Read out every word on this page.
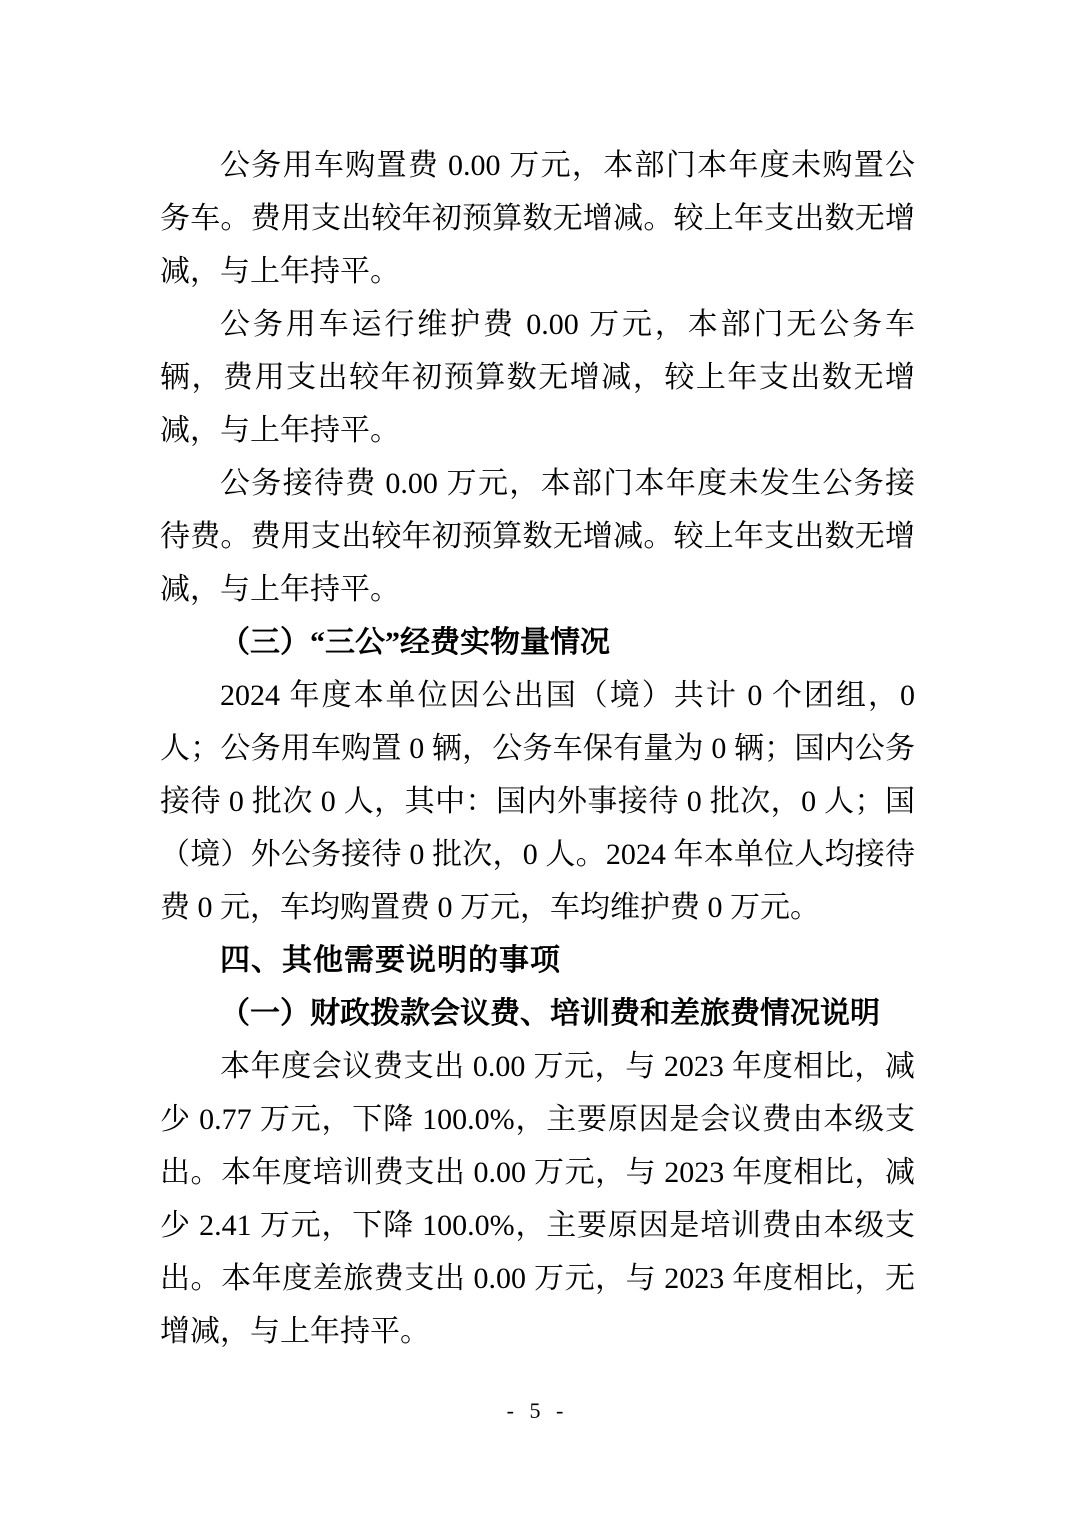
公务用车购置费 0.00 万元，本部门本年度未购置公务车。费用支出较年初预算数无增减。较上年支出数无增减，与上年持平。

公务用车运行维护费 0.00 万元，本部门无公务车辆，费用支出较年初预算数无增减，较上年支出数无增减，与上年持平。

公务接待费 0.00 万元，本部门本年度未发生公务接待费。费用支出较年初预算数无增减。较上年支出数无增减，与上年持平。

（三）“三公”经费实物量情况

2024 年度本单位因公出国（境）共计 0 个团组，0 人；公务用车购置 0 辆，公务车保有量为 0 辆；国内公务接待 0 批次 0 人，其中：国内外事接待 0 批次，0 人；国（境）外公务接待 0 批次，0 人。2024 年本单位人均接待费 0 元，车均购置费 0 万元，车均维护费 0 万元。

四、其他需要说明的事项

（一）财政拨款会议费、培训费和差旅费情况说明

本年度会议费支出 0.00 万元，与 2023 年度相比，减少 0.77 万元，下降 100.0%，主要原因是会议费由本级支出。本年度培训费支出 0.00 万元，与 2023 年度相比，减少 2.41 万元，下降 100.0%，主要原因是培训费由本级支出。本年度差旅费支出 0.00 万元，与 2023 年度相比，无增减，与上年持平。

- 5 -
